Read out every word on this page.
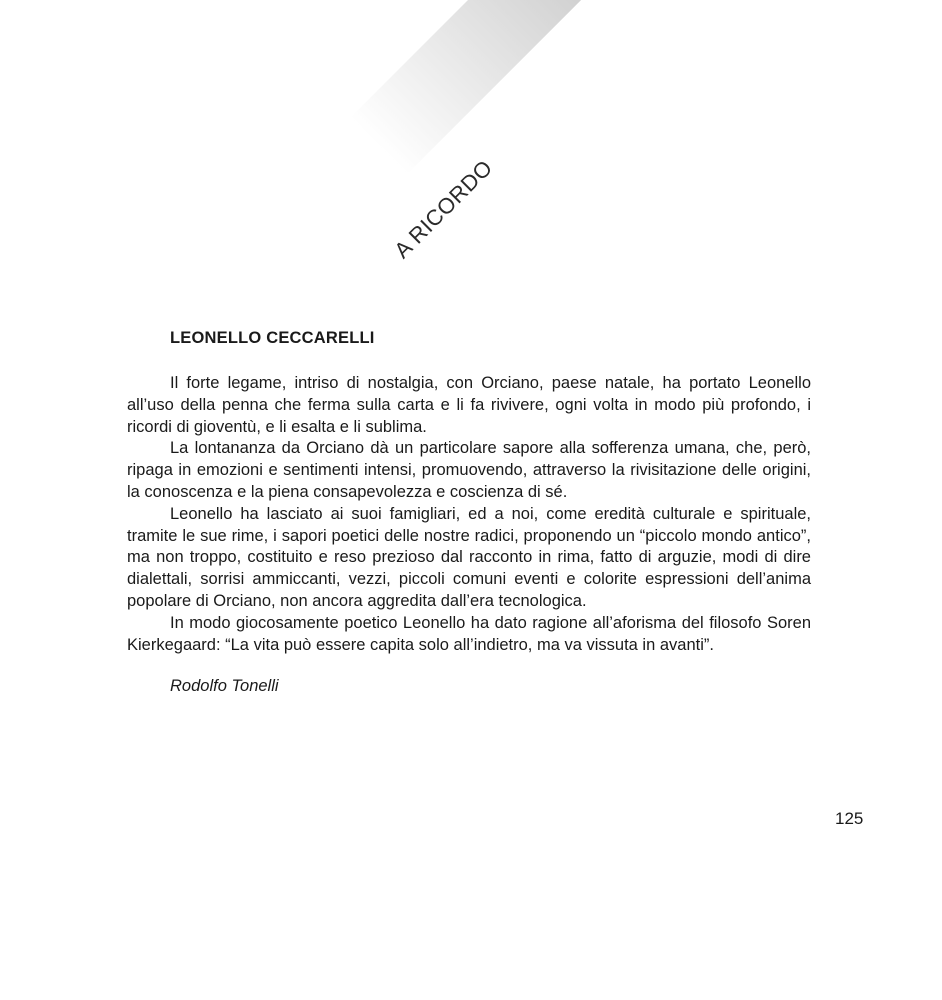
A RICORDO
LEONELLO CECCARELLI

Il forte legame, intriso di nostalgia, con Orciano, paese natale, ha portato Leonello all’uso della penna che ferma sulla carta e li fa rivivere, ogni volta in modo più profondo, i ricordi di gioventù, e li esalta e li sublima.

La lontananza da Orciano dà un particolare sapore alla sofferenza umana, che, però, ripaga in emozioni e sentimenti intensi, promuovendo, attraverso la rivisitazione delle origini, la conoscenza e la piena consapevolezza e coscienza di sé.

Leonello ha lasciato ai suoi famigliari, ed a noi, come eredità culturale e spirituale, tramite le sue rime, i sapori poetici delle nostre radici, proponendo un “piccolo mondo antico”, ma non troppo, costituito e reso prezioso dal racconto in rima, fatto di arguzie, modi di dire dialettali, sorrisi ammiccanti, vezzi, piccoli comuni eventi e colorite espressioni dell’anima popolare di Orciano, non ancora aggredita dall’era tecnologica.

In modo giocosamente poetico Leonello ha dato ragione all’aforisma del filosofo Soren Kierkegaard: “La vita può essere capita solo all’indietro, ma va vissuta in avanti”.

Rodolfo Tonelli
125
